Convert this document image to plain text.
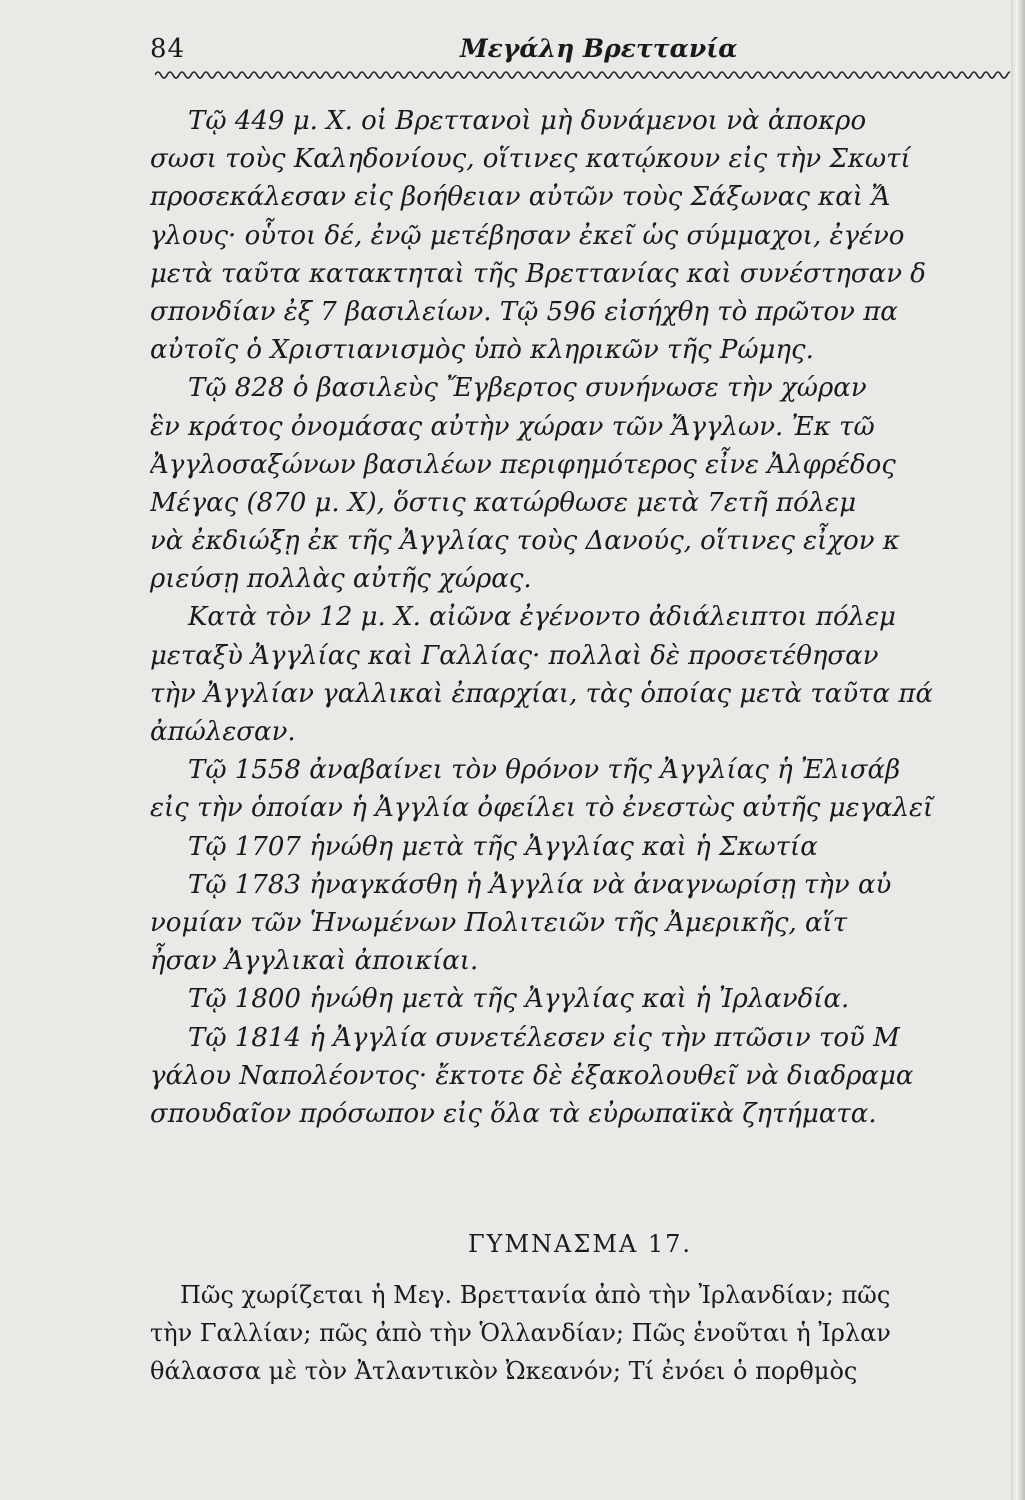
84	Μεγάλη Βρεττανία
Τῷ 449 μ. Χ. οἱ Βρεττανοὶ μὴ δυνάμενοι νὰ ἀποκρο
σωσι τοὺς Καληδονίους, οἵτινες κατῴκουν εἰς τὴν Σκωτί
προσεκάλεσαν εἰς βοήθειαν αὐτῶν τοὺς Σάξωνας καὶ Ἄ
γλους· οὗτοι δέ, ἐνῷ μετέβησαν ἐκεῖ ὡς σύμμαχοι, ἐγένο
μετὰ ταῦτα κατακτηταὶ τῆς Βρεττανίας καὶ συνέστησαν δ
σπονδίαν ἐξ 7 βασιλείων. Τῷ 596 εἰσήχθη τὸ πρῶτον πα
αὐτοῖς ὁ Χριστιανισμὸς ὑπὸ κληρικῶν τῆς Ρώμης.
Τῷ 828 ὁ βασιλεὺς Ἔγβερτος συνήνωσε τὴν χώραν
ἓν κράτος ὀνομάσας αὐτὴν χώραν τῶν Ἄγγλων. Ἐκ τῶ
Ἀγγλοσαξώνων βασιλέων περιφημότερος εἶνε Ἀλφρέδος
Μέγας (870 μ. Χ), ὅστις κατώρθωσε μετὰ 7ετῆ πόλεμ
νὰ ἐκδιώξῃ ἐκ τῆς Ἀγγλίας τοὺς Δανούς, οἵτινες εἶχον κ
ριεύσῃ πολλὰς αὐτῆς χώρας.
Κατὰ τὸν 12 μ. Χ. αἰῶνα ἐγένοντο ἀδιάλειπτοι πόλεμ
μεταξὺ Ἀγγλίας καὶ Γαλλίας· πολλαὶ δὲ προσετέθησαν
τὴν Ἀγγλίαν γαλλικαὶ ἐπαρχίαι, τὰς ὁποίας μετὰ ταῦτα πά
ἀπώλεσαν.
Τῷ 1558 ἀναβαίνει τὸν θρόνον τῆς Ἀγγλίας ἡ Ἐλισάβ
εἰς τὴν ὁποίαν ἡ Ἀγγλία ὀφείλει τὸ ἐνεστὼς αὐτῆς μεγαλεῖ
Τῷ 1707 ἡνώθη μετὰ τῆς Ἀγγλίας καὶ ἡ Σκωτία
Τῷ 1783 ἠναγκάσθη ἡ Ἀγγλία νὰ ἀναγνωρίσῃ τὴν αὐ
νομίαν τῶν Ἡνωμένων Πολιτειῶν τῆς Ἀμερικῆς, αἵτ
ἦσαν Ἀγγλικαὶ ἀποικίαι.
Τῷ 1800 ἡνώθη μετὰ τῆς Ἀγγλίας καὶ ἡ Ἰρλανδία.
Τῷ 1814 ἡ Ἀγγλία συνετέλεσεν εἰς τὴν πτῶσιν τοῦ Μ
γάλου Ναπολέοντος· ἔκτοτε δὲ ἐξακολουθεῖ νὰ διαδραμα
σπουδαῖον πρόσωπον εἰς ὅλα τὰ εὐρωπαϊκὰ ζητήματα.
ΓΥΜΝΑΣΜΑ 17.
Πῶς χωρίζεται ἡ Μεγ. Βρεττανία ἀπὸ τὴν Ἰρλανδίαν; πῶς
τὴν Γαλλίαν; πῶς ἀπὸ τὴν Ὁλλανδίαν; Πῶς ἑνοῦται ἡ Ἰρλαν
θάλασσα μὲ τὸν Ἀτλαντικὸν Ὠκεανόν; Τί ἐνόει ὁ πορθμὸς
